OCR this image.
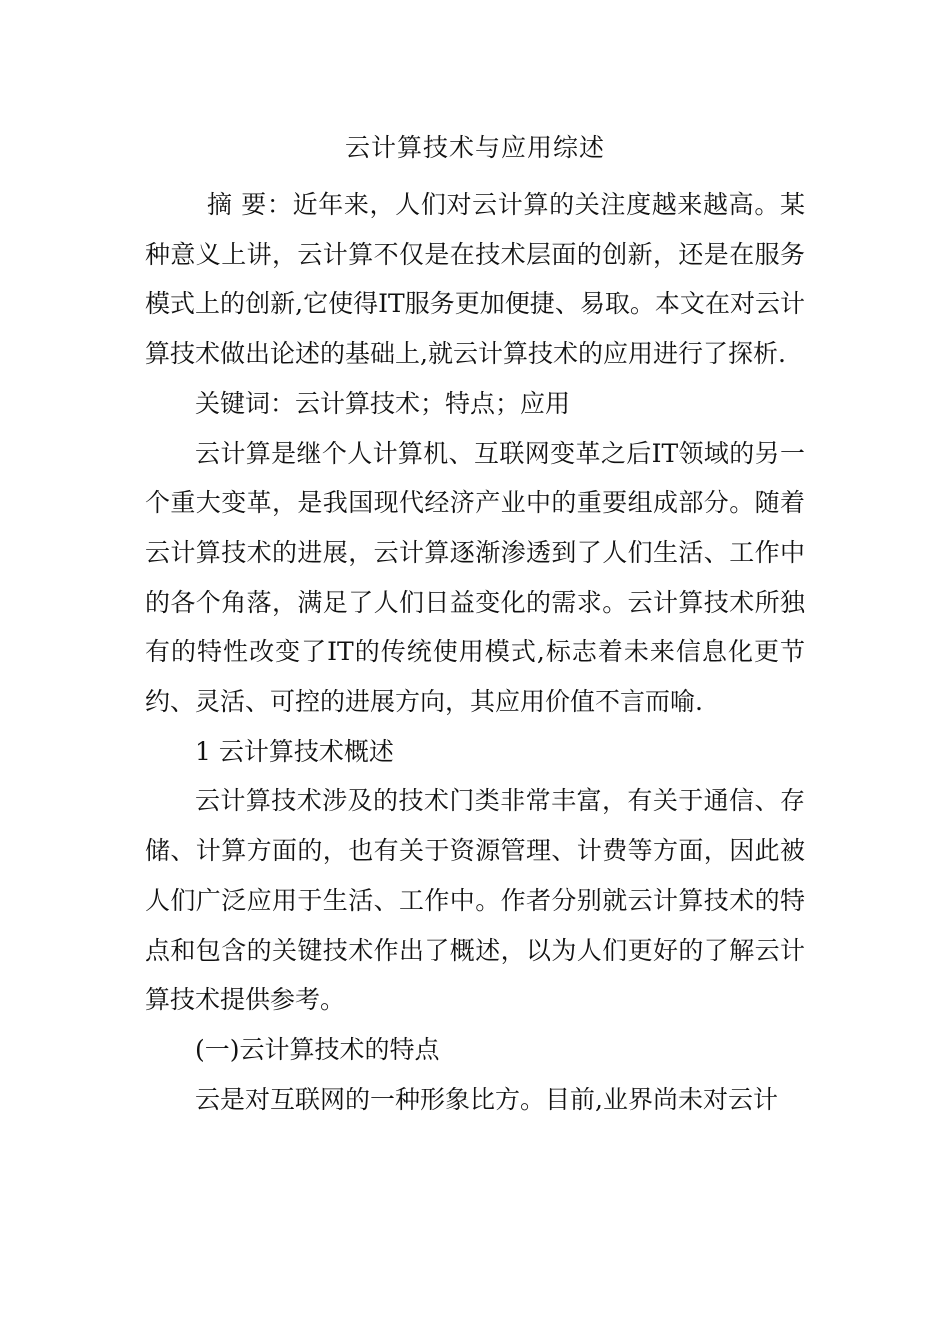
云计算技术与应用综述

摘 要：近年来，人们对云计算的关注度越来越高。某种意义上讲，云计算不仅是在技术层面的创新，还是在服务模式上的创新,它使得IT服务更加便捷、易取。本文在对云计算技术做出论述的基础上,就云计算技术的应用进行了探析.

关键词：云计算技术；特点；应用

云计算是继个人计算机、互联网变革之后IT领域的另一个重大变革，是我国现代经济产业中的重要组成部分。随着云计算技术的进展，云计算逐渐渗透到了人们生活、工作中的各个角落，满足了人们日益变化的需求。云计算技术所独有的特性改变了IT的传统使用模式,标志着未来信息化更节约、灵活、可控的进展方向，其应用价值不言而喻.

1 云计算技术概述

云计算技术涉及的技术门类非常丰富，有关于通信、存储、计算方面的，也有关于资源管理、计费等方面，因此被人们广泛应用于生活、工作中。作者分别就云计算技术的特点和包含的关键技术作出了概述，以为人们更好的了解云计算技术提供参考。

(一)云计算技术的特点

云是对互联网的一种形象比方。目前,业界尚未对云计
